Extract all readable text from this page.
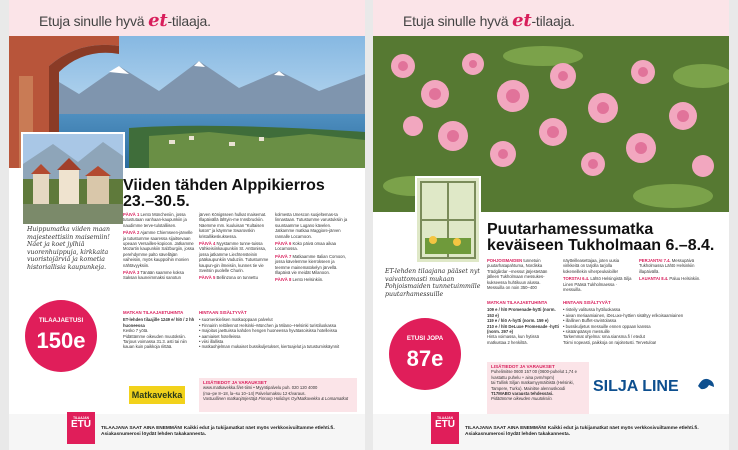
Etuja sinulle hyvä et-tilaaja.
Viiden tähden Alppikierros 23.–30.5.
Huippumatka viiden maan majesteettisiin maisemiin! Näet ja koet jylhiä vuorenhuippuja, kirkkaita vuoristojärviä ja kometia historiallisia kaupunkeja.
TILAAJAETUSI
150e

PÄIVÄ 1 Lento Müncheniin, jossa tutustutaan vanhaan-kaupunkiin ja naudimme terve-tulotalliisen.

PÄIVÄ 2 Ajamme Chiemseen-järvelle ja tutustumme saaressa sijaitsevaan upeaan Versailles-kopioon. Jatkamme Mozartin kaupunkiin Salzburgiin, jossa perehdymme palto sävelläjän vaiheisiin, myös kauppoihin monien nähtävyyksiin.

PÄIVÄ 3 Tänään saamme koksa Saksan kauneimmaksi sanotun

järven Königsseen hulkat maisemat. Illapäivällä lähtyin-me Innsbruckiin. Näemme mm. kuuluisan "Kultaisen katon" ja käymme Swarovskin kristallikeskuksessa.

PÄIVÄ 4 Nyystamme tunne-tuissa Vähkeisiinkaupunkiin St. Anttonissa, jossa jatkamme Liechtensteinin pääkaupunkiin Vaduziin. Tutustumme kaupun-gin ilmeisiin, kunnes tie vie Sveitsin puolelle Churin.

PÄIVÄ 5 Bellinzona on tunnettu

kolmesta Unescon suojeltemas-ta linnastaan. Tutustumme varustuksiin ja suuntaamme Lugano kävelen. Jatkamme matkaa Maggiore-järven rannalle Locarnoon.

PÄIVÄ 6 Koko päivä omaa aikaa Locarnossa.

PÄIVÄ 7 Matkaamme Italian Comoon, jossa kävelemme kierrokseen ja teemme mainematokelyn järvellä. Illapäivä vie meidät Milanoon.

PÄIVÄ 8 Lento Helsinkiin.

MATKAN TILAAJAETUHINTA
ET-lehden tilaajille 1249 e/ hlö / 2 hh huoneessa
Kesko 7 yötä.
Pidättämme oikeuden muutoksiin. Tarjous voimassa 31.3. asti tai niin kauan kuin paikkoja riittää.
HINTAAN SISÄLTYVÄT
• suomenkielisen matkaoppaan palvelut
• Finnairin reittilennot Helsinki–München ja Milano–Helsinki turistiluokassa
• majoitus jaettuissa kahden hengen huoneessa hyvätasoisissa hotelleissa
• aamiaiset hotelleissa
• viisi illallista
• matkaohjelman mukaiset bussikuljetukset, kiertoajelut ja tutustumiskäynnit
Matkavekka
LISÄTIEDOT JA VARAUKSET
www.matkavekka.fi/et-tiimi • Myyntipalvelu puh. 020 120 4000
(ma–pe 8–18, la–su 10–14) Palvelumaksu 12 €/varaus.
Vastuullinen matkanjärjestäjä Finnarp Holidays Oy/Matkavekka & Lomamatkat
TILAAJAN
ETU	TILAAJANA SAAT AINA ENEMMÄN! Kaikki edut ja tukijamatkat näet myös verkkosivuiltamme etlehti.fi. Asiakasnumerosi löydät lehden takakannesta.
Etuja sinulle hyvä et-tilaaja.
Puutarhamessumatka keväiseen Tukholmaan 6.–8.4.
ET-lehden tilaajana pääset nyt vaivattomasti mukaan Pohjoismaiden tunnetuimmille puutarhamessuille
ETUSI JOPA
87e

POHJOISMAIDEN tunnetuin puutarhatapahtuma, Nordiska Trädgårdar –messut järjestetään jälleen Tukholmaan messukes-kukseessa huhtikuun alussa. Messuilla on noin 350–400

näytteilleasettajaa, joten uusia virikkeitä on tarjolla tarjolla kokeneillekin viherpeukaloille!

TORSTAI 6.4. Lähtö Helsingistä Silja Linen Pääsä Tukholmaessa · messuilla.

PERJANTAI 7.4. Messupäivä Tukholmassa Lähtö Helsinkiin illapäivällä.

LAUANTAI 8.4. Paluu Helsinkiin.

MATKAN TILAAJAETUHINTA
109 e / hlö Promenade-hytti (norm. 153 e)
119 e / hlö A-hytti (norm. 159 e)
210 e / hlö DeLuxe Promenade -hytti (norm. 297 e)
Hinta voimassa, kun hytissä matkustaa 2 henkilöä.
HINTAAN SISÄLTYVÄT
• risteily valitussa hyttiluokassa
• aivan meriaamiainen, iDeLuxe-hyttien sisältyy erikoisaamiainen
• illallinen Buffet-ravintolassa
• bussikuljetus messuille ennen oppaan kanssa
• sisäänpääsyn messuille
Tarkemmat ohjelma: sma.siansma.fi / etedut
Toimi nopeasti, paikkoja on rajoitetusti. Tervetuloa!
LISÄTIEDOT JA VARAUKSET
Puhelimitse 0600 157 00 (0600-puhelut 1,74 e /vastattu puhelu + aina pvm/mpm)
tai Tallink Siljan matkamyymälöistä (Helsinki, Tampere, Turku). Mainitse alennuskoodi
T17MABO varausta tehdessäsi.
Pidätämme oikeuden muutoksiin.
SILJA LINE
TILAAJAN
ETU	TILAAJANA SAAT AINA ENEMMÄN! Kaikki edut ja tukijamatkat näet myös verkkosivuiltamme etlehti.fi. Asiakasnumerosi löydät lehden takakannesta.
